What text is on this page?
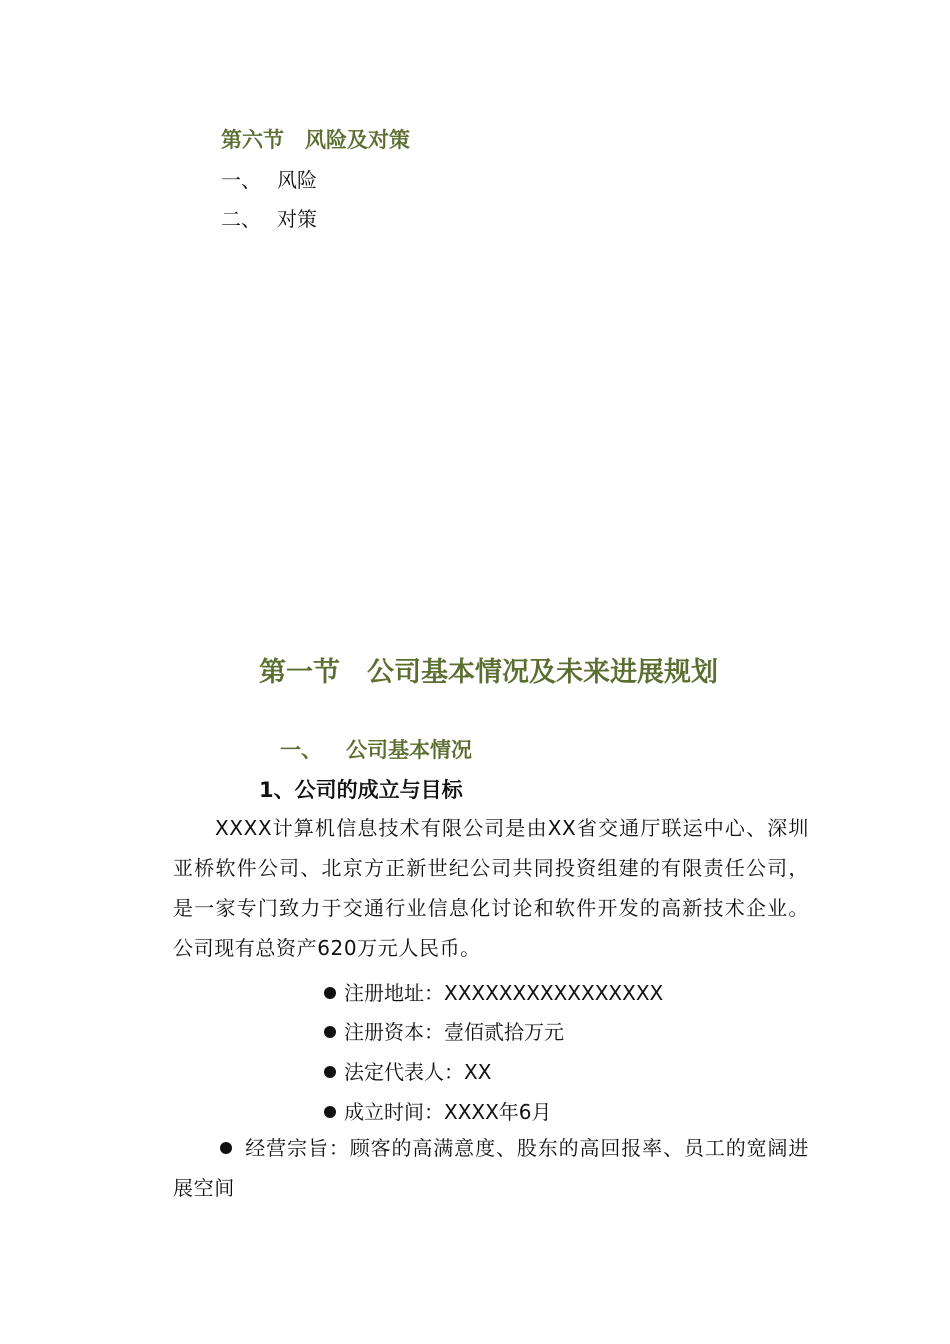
第六节　风险及对策
一、 风险
二、 对策
第一节　公司基本情况及未来进展规划
一、 公司基本情况
1、公司的成立与目标
XXXX计算机信息技术有限公司是由XX省交通厅联运中心、深圳亚桥软件公司、北京方正新世纪公司共同投资组建的有限责任公司，是一家专门致力于交通行业信息化讨论和软件开发的高新技术企业。公司现有总资产620万元人民币。
注册地址：XXXXXXXXXXXXXXXX
注册资本：壹佰贰拾万元
法定代表人：XX
成立时间：XXXX年6月
经营宗旨：顾客的高满意度、股东的高回报率、员工的宽阔进展空间
